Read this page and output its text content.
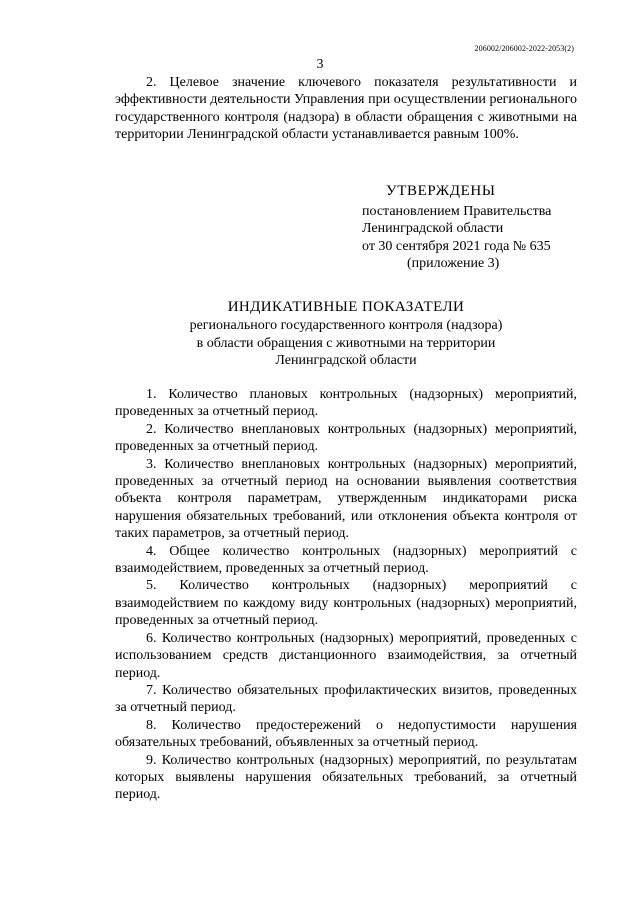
206002/206002-2022-2053(2)
3

2. Целевое значение ключевого показателя результативности и эффективности деятельности Управления при осуществлении регионального государственного контроля (надзора) в области обращения с животными на территории Ленинградской области устанавливается равным 100%.

УТВЕРЖДЕНЫ
постановлением Правительства
Ленинградской области
от 30 сентября 2021 года № 635
(приложение 3)
ИНДИКАТИВНЫЕ ПОКАЗАТЕЛИ
регионального государственного контроля (надзора)
в области обращения с животными на территории
Ленинградской области

1. Количество плановых контрольных (надзорных) мероприятий, проведенных за отчетный период.

2. Количество внеплановых контрольных (надзорных) мероприятий, проведенных за отчетный период.

3. Количество внеплановых контрольных (надзорных) мероприятий, проведенных за отчетный период на основании выявления соответствия объекта контроля параметрам, утвержденным индикаторами риска нарушения обязательных требований, или отклонения объекта контроля от таких параметров, за отчетный период.

4. Общее количество контрольных (надзорных) мероприятий с взаимодействием, проведенных за отчетный период.

5. Количество контрольных (надзорных) мероприятий с взаимодействием по каждому виду контрольных (надзорных) мероприятий, проведенных за отчетный период.

6. Количество контрольных (надзорных) мероприятий, проведенных с использованием средств дистанционного взаимодействия, за отчетный период.

7. Количество обязательных профилактических визитов, проведенных за отчетный период.

8. Количество предостережений о недопустимости нарушения обязательных требований, объявленных за отчетный период.

9. Количество контрольных (надзорных) мероприятий, по результатам которых выявлены нарушения обязательных требований, за отчетный период.
